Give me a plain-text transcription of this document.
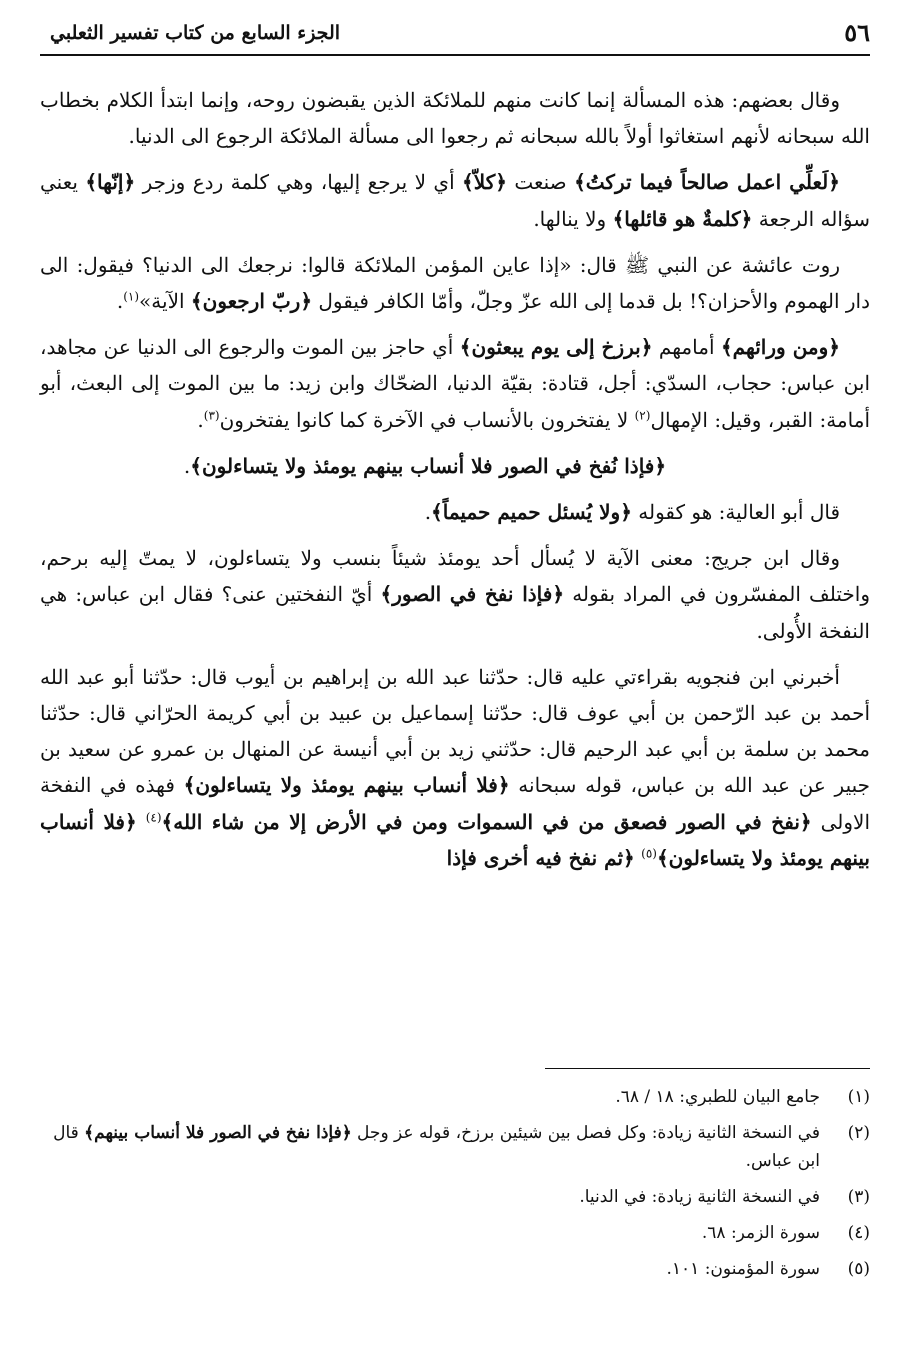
٥٦
الجزء السابع من كتاب تفسير الثعلبي

وقال بعضهم: هذه المسألة إنما كانت منهم للملائكة الذين يقبضون روحه، وإنما ابتدأ الكلام بخطاب الله سبحانه لأنهم استغاثوا أولاً بالله سبحانه ثم رجعوا الى مسألة الملائكة الرجوع الى الدنيا.

﴿لَعلِّي اعمل صالحاً فيما تركتُ﴾ صنعت ﴿كلاّ﴾ أي لا يرجع إليها، وهي كلمة ردع وزجر ﴿إنّها﴾ يعني سؤاله الرجعة ﴿كلمةٌ هو قائلها﴾ ولا ينالها.

روت عائشة عن النبي ﷺ قال: «إذا عاين المؤمن الملائكة قالوا: نرجعك الى الدنيا؟ فيقول: الى دار الهموم والأحزان؟! بل قدما إلى الله عزّ وجلّ، وأمّا الكافر فيقول ﴿ربّ ارجعون﴾ الآية»$^{(١)}$.

﴿ومن ورائهم﴾ أمامهم ﴿برزخ إلى يوم يبعثون﴾ أي حاجز بين الموت والرجوع الى الدنيا عن مجاهد، ابن عباس: حجاب، السدّي: أجل، قتادة: بقيّة الدنيا، الضحّاك وابن زيد: ما بين الموت إلى البعث، أبو أمامة: القبر، وقيل: الإمهال$^{(٢)}$ لا يفتخرون بالأنساب في الآخرة كما كانوا يفتخرون$^{(٣)}$.

﴿فإذا نُفخ في الصور فلا أنساب بينهم يومئذ ولا يتساءلون﴾.

قال أبو العالية: هو كقوله ﴿ولا يُسئل حميم حميماً﴾.

وقال ابن جريج: معنى الآية لا يُسأل أحد يومئذ شيئاً بنسب ولا يتساءلون، لا يمتّ إليه برحم، واختلف المفسّرون في المراد بقوله ﴿فإذا نفخ في الصور﴾ أيّ النفختين عنى؟ فقال ابن عباس: هي النفخة الأُولى.

أخبرني ابن فنجويه بقراءتي عليه قال: حدّثنا عبد الله بن إبراهيم بن أيوب قال: حدّثنا أبو عبد الله أحمد بن عبد الرّحمن بن أبي عوف قال: حدّثنا إسماعيل بن عبيد بن أبي كريمة الحرّاني قال: حدّثنا محمد بن سلمة بن أبي عبد الرحيم قال: حدّثني زيد بن أبي أنيسة عن المنهال بن عمرو عن سعيد بن جبير عن عبد الله بن عباس، قوله سبحانه ﴿فلا أنساب بينهم يومئذ ولا يتساءلون﴾ فهذه في النفخة الاولى ﴿نفخ في الصور فصعق من في السموات ومن في الأرض إلا من شاء الله﴾$^{(٤)}$ ﴿فلا أنساب بينهم يومئذ ولا يتساءلون﴾$^{(٥)}$ ﴿ثم نفخ فيه أخرى فإذا

(١)
جامع البيان للطبري: ١٨ / ٦٨.
(٢)
في النسخة الثانية زيادة: وكل فصل بين شيئين برزخ، قوله عز وجل ﴿فإذا نفخ في الصور فلا أنساب بينهم﴾ قال ابن عباس.
(٣)
في النسخة الثانية زيادة: في الدنيا.
(٤)
سورة الزمر: ٦٨.
(٥)
سورة المؤمنون: ١٠١.
